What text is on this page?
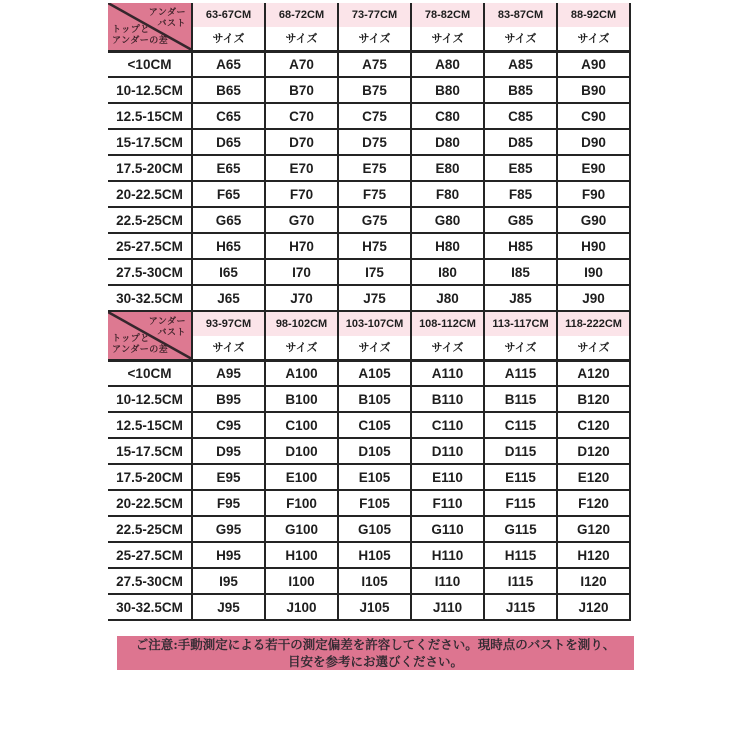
アンダー
バスト
トップと
アンダーの差	63-67CM	68-72CM	73-77CM	78-82CM	83-87CM	88-92CM
	サイズ	サイズ	サイズ	サイズ	サイズ	サイズ
<10CM	A65	A70	A75	A80	A85	A90
10-12.5CM	B65	B70	B75	B80	B85	B90
12.5-15CM	C65	C70	C75	C80	C85	C90
15-17.5CM	D65	D70	D75	D80	D85	D90
17.5-20CM	E65	E70	E75	E80	E85	E90
20-22.5CM	F65	F70	F75	F80	F85	F90
22.5-25CM	G65	G70	G75	G80	G85	G90
25-27.5CM	H65	H70	H75	H80	H85	H90
27.5-30CM	I65	I70	I75	I80	I85	I90
30-32.5CM	J65	J70	J75	J80	J85	J90
アンダー
バスト
トップと
アンダーの差	93-97CM	98-102CM	103-107CM	108-112CM	113-117CM	118-222CM
	サイズ	サイズ	サイズ	サイズ	サイズ	サイズ
<10CM	A95	A100	A105	A110	A115	A120
10-12.5CM	B95	B100	B105	B110	B115	B120
12.5-15CM	C95	C100	C105	C110	C115	C120
15-17.5CM	D95	D100	D105	D110	D115	D120
17.5-20CM	E95	E100	E105	E110	E115	E120
20-22.5CM	F95	F100	F105	F110	F115	F120
22.5-25CM	G95	G100	G105	G110	G115	G120
25-27.5CM	H95	H100	H105	H110	H115	H120
27.5-30CM	I95	I100	I105	I110	I115	I120
30-32.5CM	J95	J100	J105	J110	J115	J120
ご注意:手動測定による若干の測定偏差を許容してください。現時点のバストを測り、
目安を参考にお選びください。
